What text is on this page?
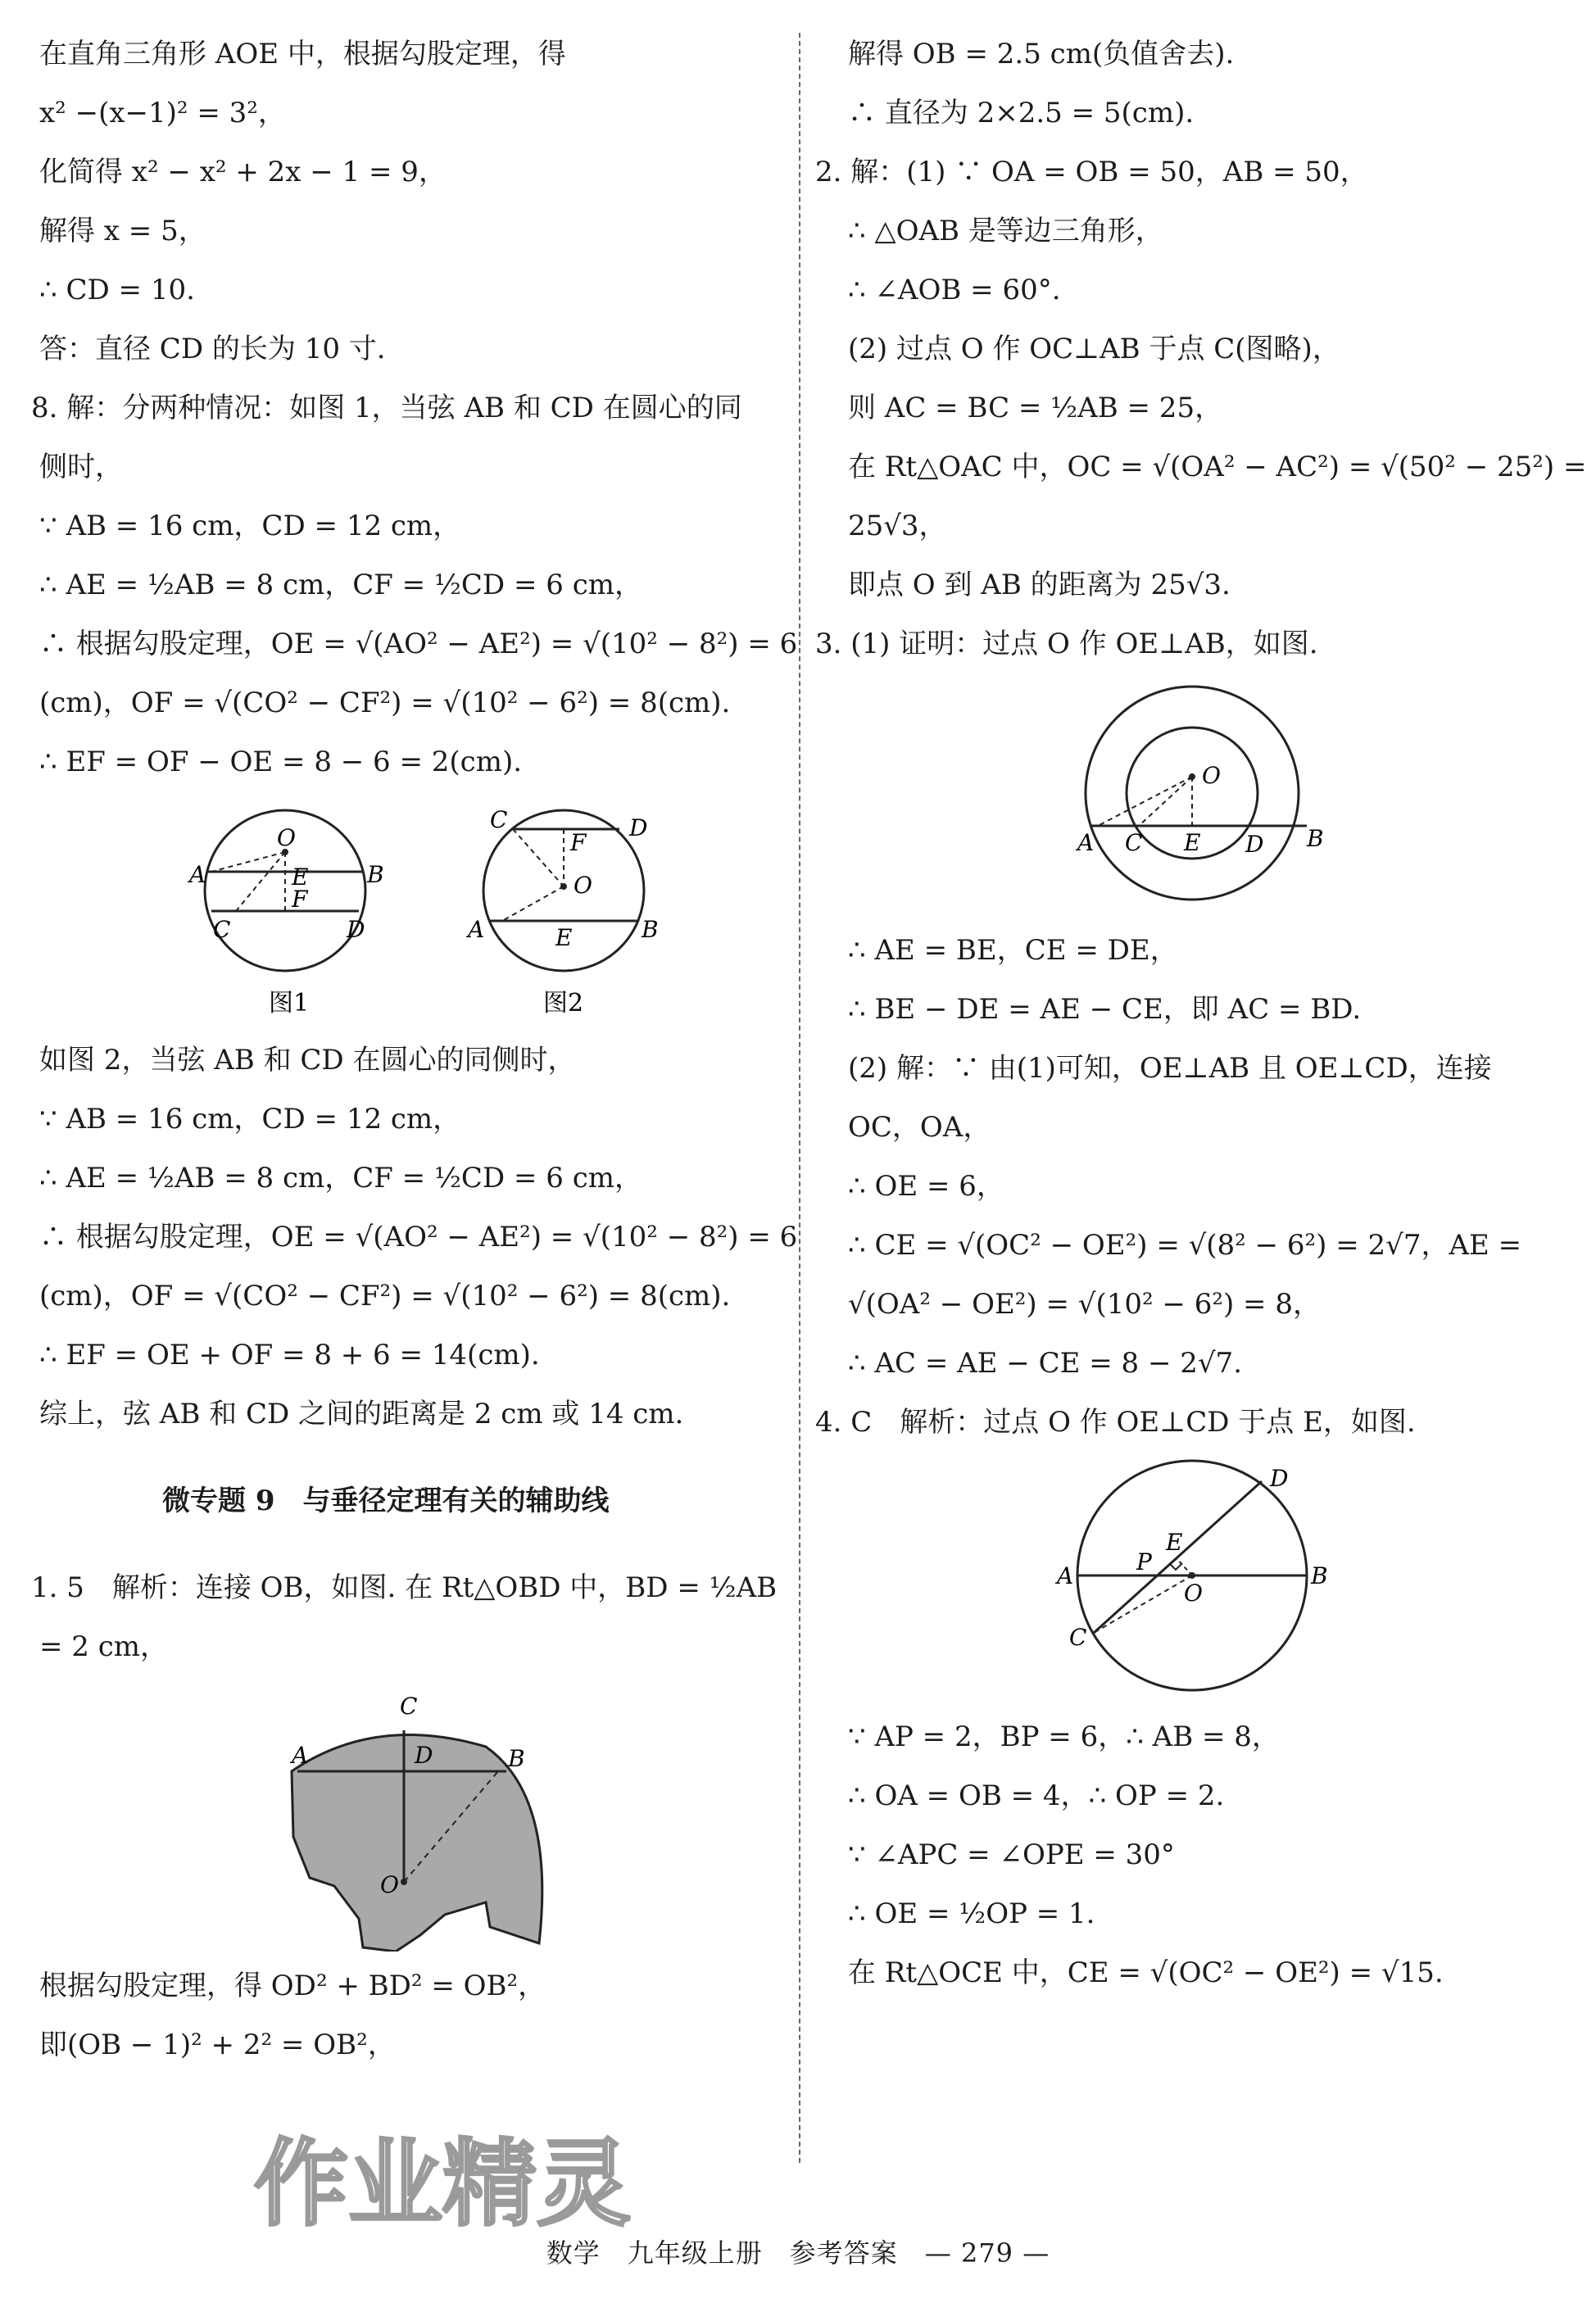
在直角三角形 AOE 中，根据勾股定理，得

x² −(x−1)² = 3²，

化简得 x² − x² + 2x − 1 = 9，

解得 x = 5，

∴ CD = 10.

答：直径 CD 的长为 10 寸.

8. 解：分两种情况：如图 1，当弦 AB 和 CD 在圆心的同

侧时，

∵ AB = 16 cm，CD = 12 cm，

∴ AE = ½AB = 8 cm，CF = ½CD = 6 cm，

∴ 根据勾股定理，OE = √(AO² − AE²) = √(10² − 8²) = 6

(cm)，OF = √(CO² − CF²) = √(10² − 6²) = 8(cm).

∴ EF = OF − OE = 8 − 6 = 2(cm).

O
E
A	B
C
F
D
图1
C
F
D
O
A	E	B
图2

如图 2，当弦 AB 和 CD 在圆心的同侧时，

∵ AB = 16 cm，CD = 12 cm，

∴ AE = ½AB = 8 cm，CF = ½CD = 6 cm，

∴ 根据勾股定理，OE = √(AO² − AE²) = √(10² − 8²) = 6

(cm)，OF = √(CO² − CF²) = √(10² − 6²) = 8(cm).

∴ EF = OE + OF = 8 + 6 = 14(cm).

综上，弦 AB 和 CD 之间的距离是 2 cm 或 14 cm.

微专题 9　与垂径定理有关的辅助线

1. 5　解析：连接 OB，如图. 在 Rt△OBD 中，BD = ½AB

= 2 cm，

C
A	D	B
O

根据勾股定理，得 OD² + BD² = OB²，

即(OB − 1)² + 2² = OB²，

解得 OB = 2.5 cm(负值舍去).

∴ 直径为 2×2.5 = 5(cm).

2. 解：(1) ∵ OA = OB = 50，AB = 50，

∴ △OAB 是等边三角形，

∴ ∠AOB = 60°.

(2) 过点 O 作 OC⊥AB 于点 C(图略)，

则 AC = BC = ½AB = 25，

在 Rt△OAC 中，OC = √(OA² − AC²) = √(50² − 25²) =

25√3，

即点 O 到 AB 的距离为 25√3.

3. (1) 证明：过点 O 作 OE⊥AB，如图.

O
A C E D B

∴ AE = BE，CE = DE，

∴ BE − DE = AE − CE，即 AC = BD.

(2) 解：∵ 由(1)可知，OE⊥AB 且 OE⊥CD，连接

OC，OA，

∴ OE = 6，

∴ CE = √(OC² − OE²) = √(8² − 6²) = 2√7，AE =

√(OA² − OE²) = √(10² − 6²) = 8，

∴ AC = AE − CE = 8 − 2√7.

4. C　解析：过点 O 作 OE⊥CD 于点 E，如图.

D
E
P
A	B
O
C

∵ AP = 2，BP = 6，∴ AB = 8，

∴ OA = OB = 4，∴ OP = 2.

∵ ∠APC = ∠OPE = 30°

∴ OE = ½OP = 1.

在 Rt△OCE 中，CE = √(OC² − OE²) = √15.

作业精灵
数学　九年级上册　参考答案　— 279 —
